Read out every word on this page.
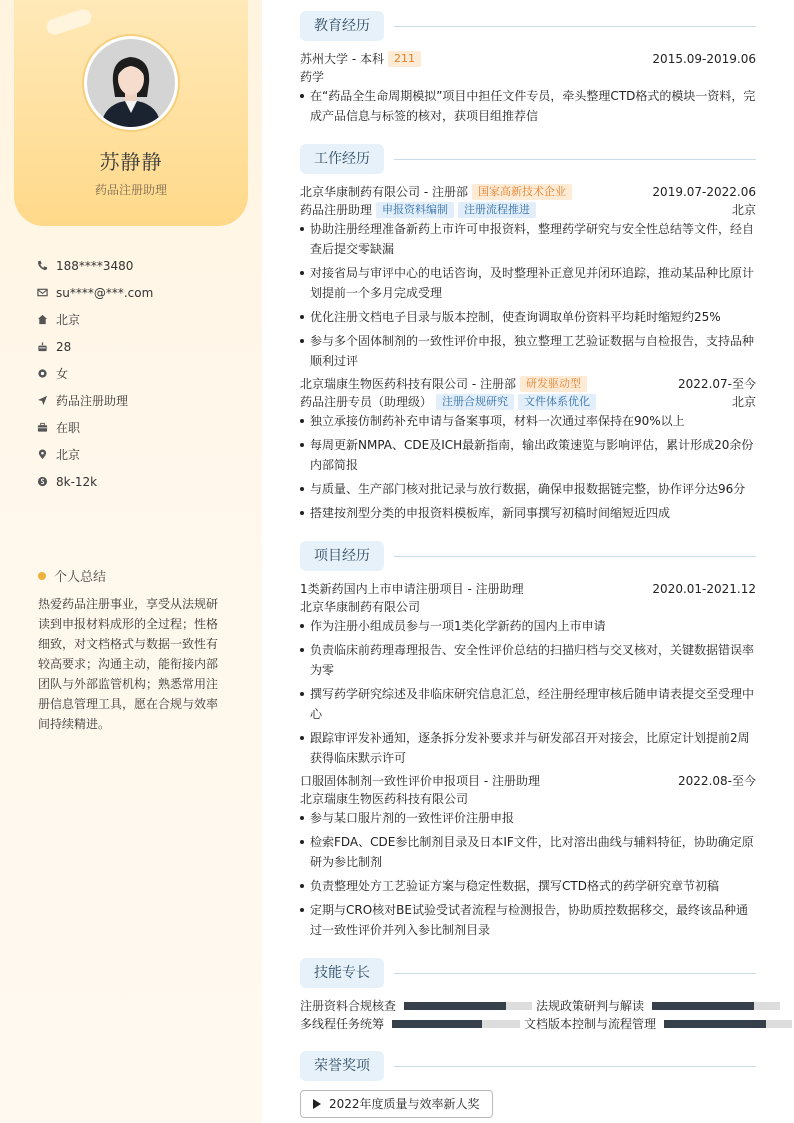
苏静静
药品注册助理
188****3480
su****@***.com
北京
28
女
药品注册助理
在职
北京
8k-12k
个人总结
热爱药品注册事业，享受从法规研读到申报材料成形的全过程；性格细致，对文档格式与数据一致性有较高要求；沟通主动，能衔接内部团队与外部监管机构；熟悉常用注册信息管理工具，愿在合规与效率间持续精进。
教育经历
苏州大学 - 本科 211	2015.09-2019.06
药学
在“药品全生命周期模拟”项目中担任文件专员，牵头整理CTD格式的模块一资料，完成产品信息与标签的核对，获项目组推荐信
工作经历
北京华康制药有限公司 - 注册部 国家高新技术企业	2019.07-2022.06
药品注册助理 申报资料编制 注册流程推进	北京
协助注册经理准备新药上市许可申报资料，整理药学研究与安全性总结等文件，经自查后提交零缺漏
对接省局与审评中心的电话咨询，及时整理补正意见并闭环追踪，推动某品种比原计划提前一个多月完成受理
优化注册文档电子目录与版本控制，使查询调取单份资料平均耗时缩短约25%
参与多个固体制剂的一致性评价申报，独立整理工艺验证数据与自检报告，支持品种顺利过评
北京瑞康生物医药科技有限公司 - 注册部 研发驱动型	2022.07-至今
药品注册专员（助理级） 注册合规研究 文件体系优化	北京
独立承接仿制药补充申请与备案事项，材料一次通过率保持在90%以上
每周更新NMPA、CDE及ICH最新指南，输出政策速览与影响评估，累计形成20余份内部简报
与质量、生产部门核对批记录与放行数据，确保申报数据链完整，协作评分达96分
搭建按剂型分类的申报资料模板库，新同事撰写初稿时间缩短近四成
项目经历
1类新药国内上市申请注册项目 - 注册助理	2020.01-2021.12
北京华康制药有限公司
作为注册小组成员参与一项1类化学新药的国内上市申请
负责临床前药理毒理报告、安全性评价总结的扫描归档与交叉核对，关键数据错误率为零
撰写药学研究综述及非临床研究信息汇总，经注册经理审核后随申请表提交至受理中心
跟踪审评发补通知，逐条拆分发补要求并与研发部召开对接会，比原定计划提前2周获得临床默示许可
口服固体制剂一致性评价申报项目 - 注册助理	2022.08-至今
北京瑞康生物医药科技有限公司
参与某口服片剂的一致性评价注册申报
检索FDA、CDE参比制剂目录及日本IF文件，比对溶出曲线与辅料特征，协助确定原研为参比制剂
负责整理处方工艺验证方案与稳定性数据，撰写CTD格式的药学研究章节初稿
定期与CRO核对BE试验受试者流程与检测报告，协助质控数据移交，最终该品种通过一致性评价并列入参比制剂目录
技能专长
注册资料合规核查	法规政策研判与解读
多线程任务统筹	文档版本控制与流程管理
荣誉奖项
2022年度质量与效率新人奖
